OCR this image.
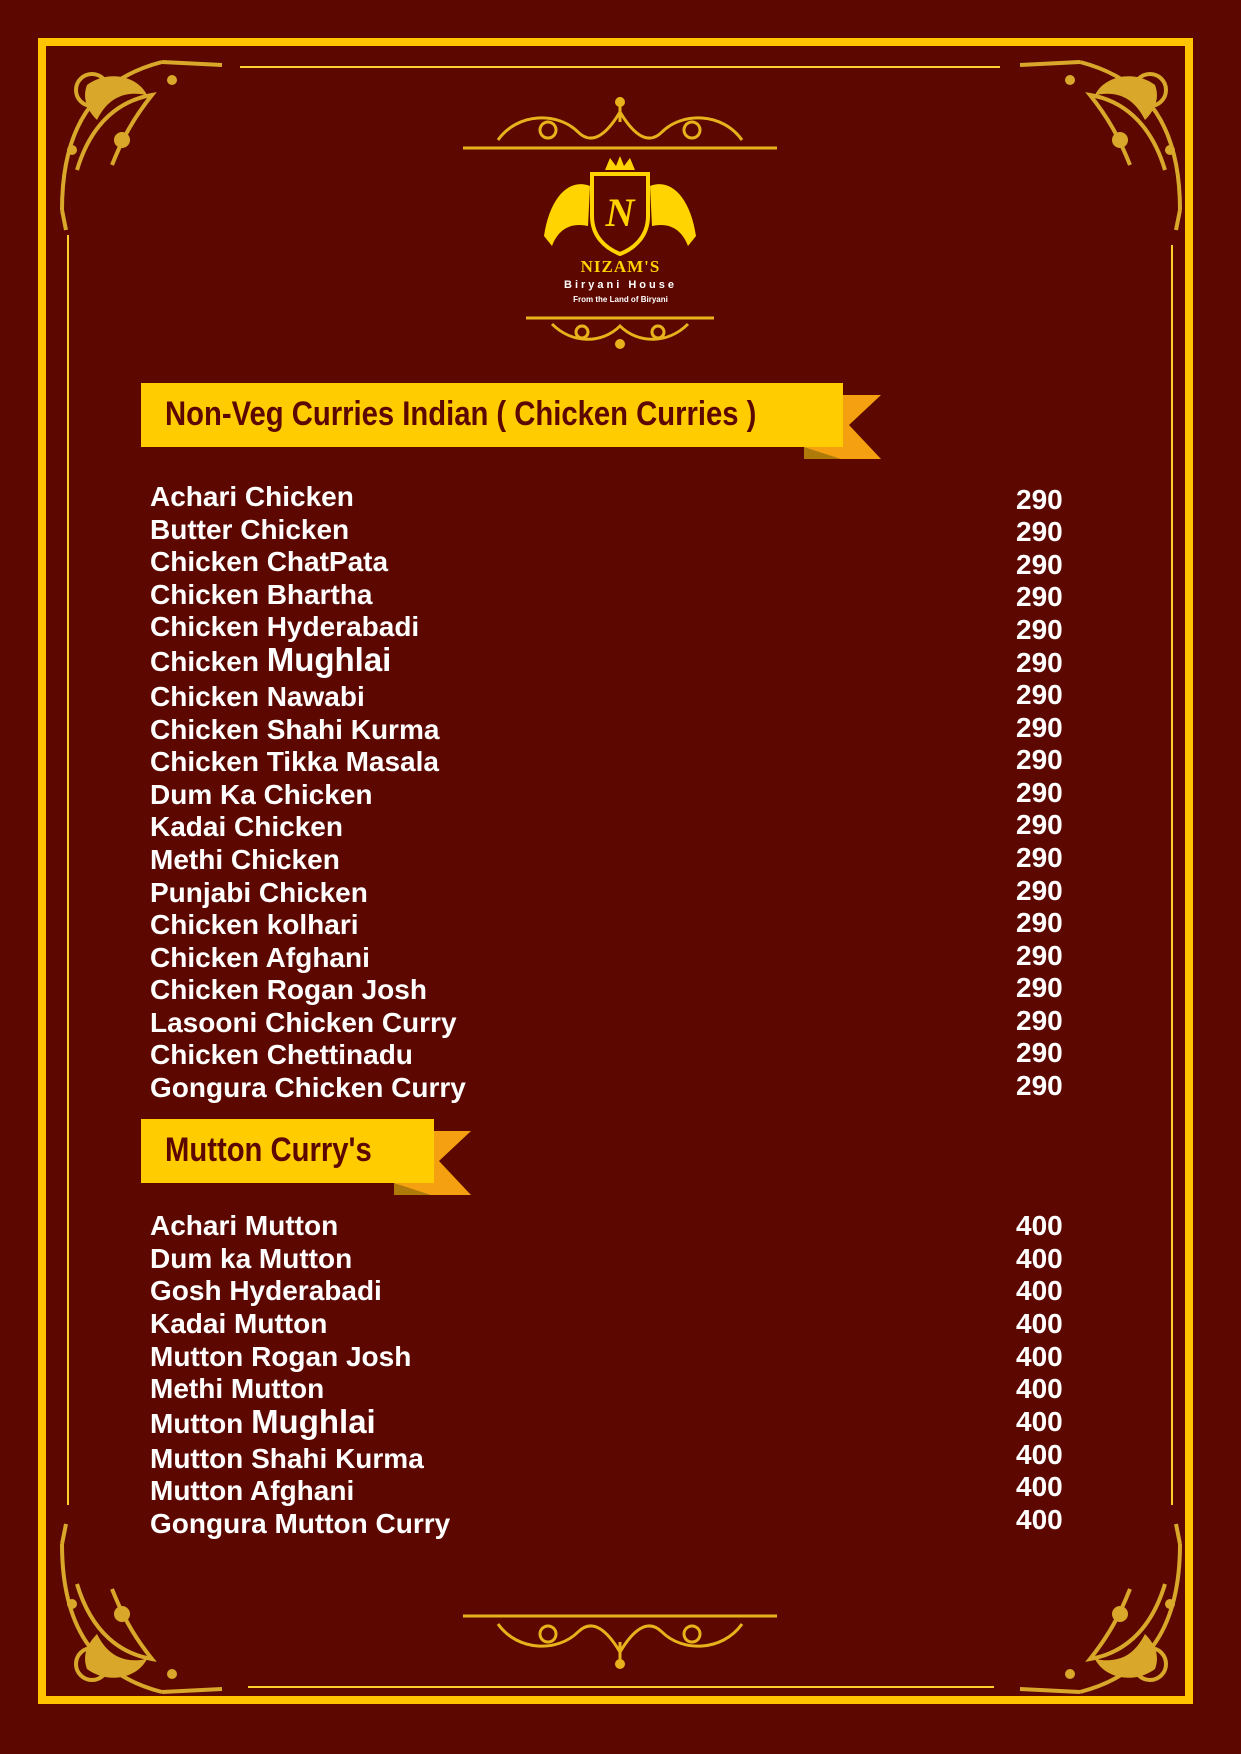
N
NIZAM'S
Biryani House
From the Land of Biryani
Non-Veg Curries Indian ( Chicken Curries )
Mutton Curry's
Achari Chicken	290
Butter Chicken	290
Chicken ChatPata	290
Chicken Bhartha	290
Chicken Hyderabadi	290
Chicken Mughlai	290
Chicken Nawabi	290
Chicken Shahi Kurma	290
Chicken Tikka Masala	290
Dum Ka Chicken	290
Kadai Chicken	290
Methi Chicken	290
Punjabi Chicken	290
Chicken kolhari	290
Chicken Afghani	290
Chicken Rogan Josh	290
Lasooni Chicken Curry	290
Chicken Chettinadu	290
Gongura Chicken Curry	290
Achari Mutton	400
Dum ka Mutton	400
Gosh Hyderabadi	400
Kadai Mutton	400
Mutton Rogan Josh	400
Methi Mutton	400
Mutton Mughlai	400
Mutton Shahi Kurma	400
Mutton Afghani	400
Gongura Mutton Curry	400
